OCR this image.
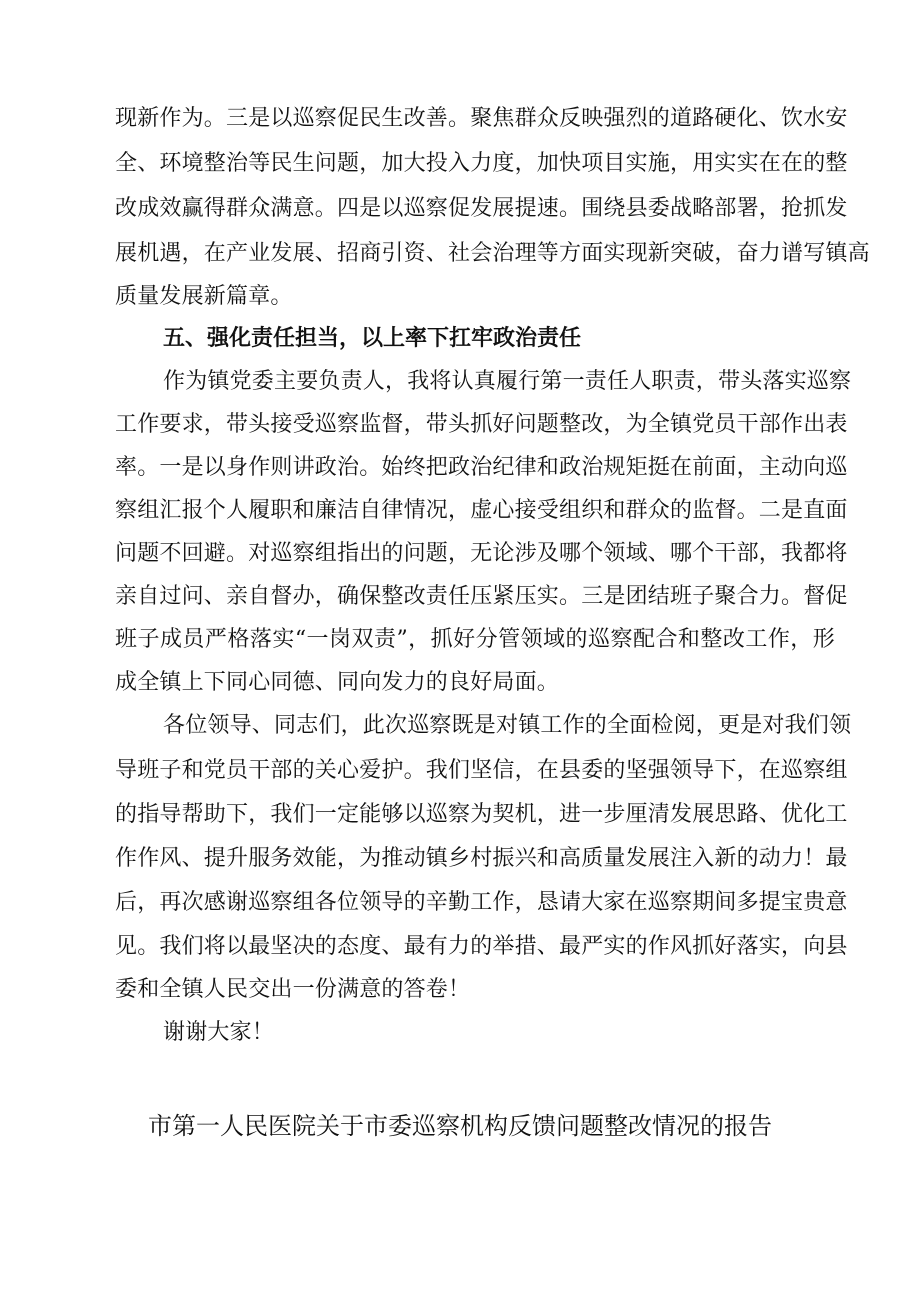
现新作为。三是以巡察促民生改善。聚焦群众反映强烈的道路硬化、饮水安
全、环境整治等民生问题，加大投入力度，加快项目实施，用实实在在的整
改成效赢得群众满意。四是以巡察促发展提速。围绕县委战略部署，抢抓发
展机遇，在产业发展、招商引资、社会治理等方面实现新突破，奋力谱写镇高
质量发展新篇章。
五、强化责任担当，以上率下扛牢政治责任
作为镇党委主要负责人，我将认真履行第一责任人职责，带头落实巡察
工作要求，带头接受巡察监督，带头抓好问题整改，为全镇党员干部作出表
率。一是以身作则讲政治。始终把政治纪律和政治规矩挺在前面，主动向巡
察组汇报个人履职和廉洁自律情况，虚心接受组织和群众的监督。二是直面
问题不回避。对巡察组指出的问题，无论涉及哪个领域、哪个干部，我都将
亲自过问、亲自督办，确保整改责任压紧压实。三是团结班子聚合力。督促
班子成员严格落实“一岗双责”，抓好分管领域的巡察配合和整改工作，形
成全镇上下同心同德、同向发力的良好局面。
各位领导、同志们，此次巡察既是对镇工作的全面检阅，更是对我们领
导班子和党员干部的关心爱护。我们坚信，在县委的坚强领导下，在巡察组
的指导帮助下，我们一定能够以巡察为契机，进一步厘清发展思路、优化工
作作风、提升服务效能，为推动镇乡村振兴和高质量发展注入新的动力！最
后，再次感谢巡察组各位领导的辛勤工作，恳请大家在巡察期间多提宝贵意
见。我们将以最坚决的态度、最有力的举措、最严实的作风抓好落实，向县
委和全镇人民交出一份满意的答卷！
谢谢大家！
市第一人民医院关于市委巡察机构反馈问题整改情况的报告
